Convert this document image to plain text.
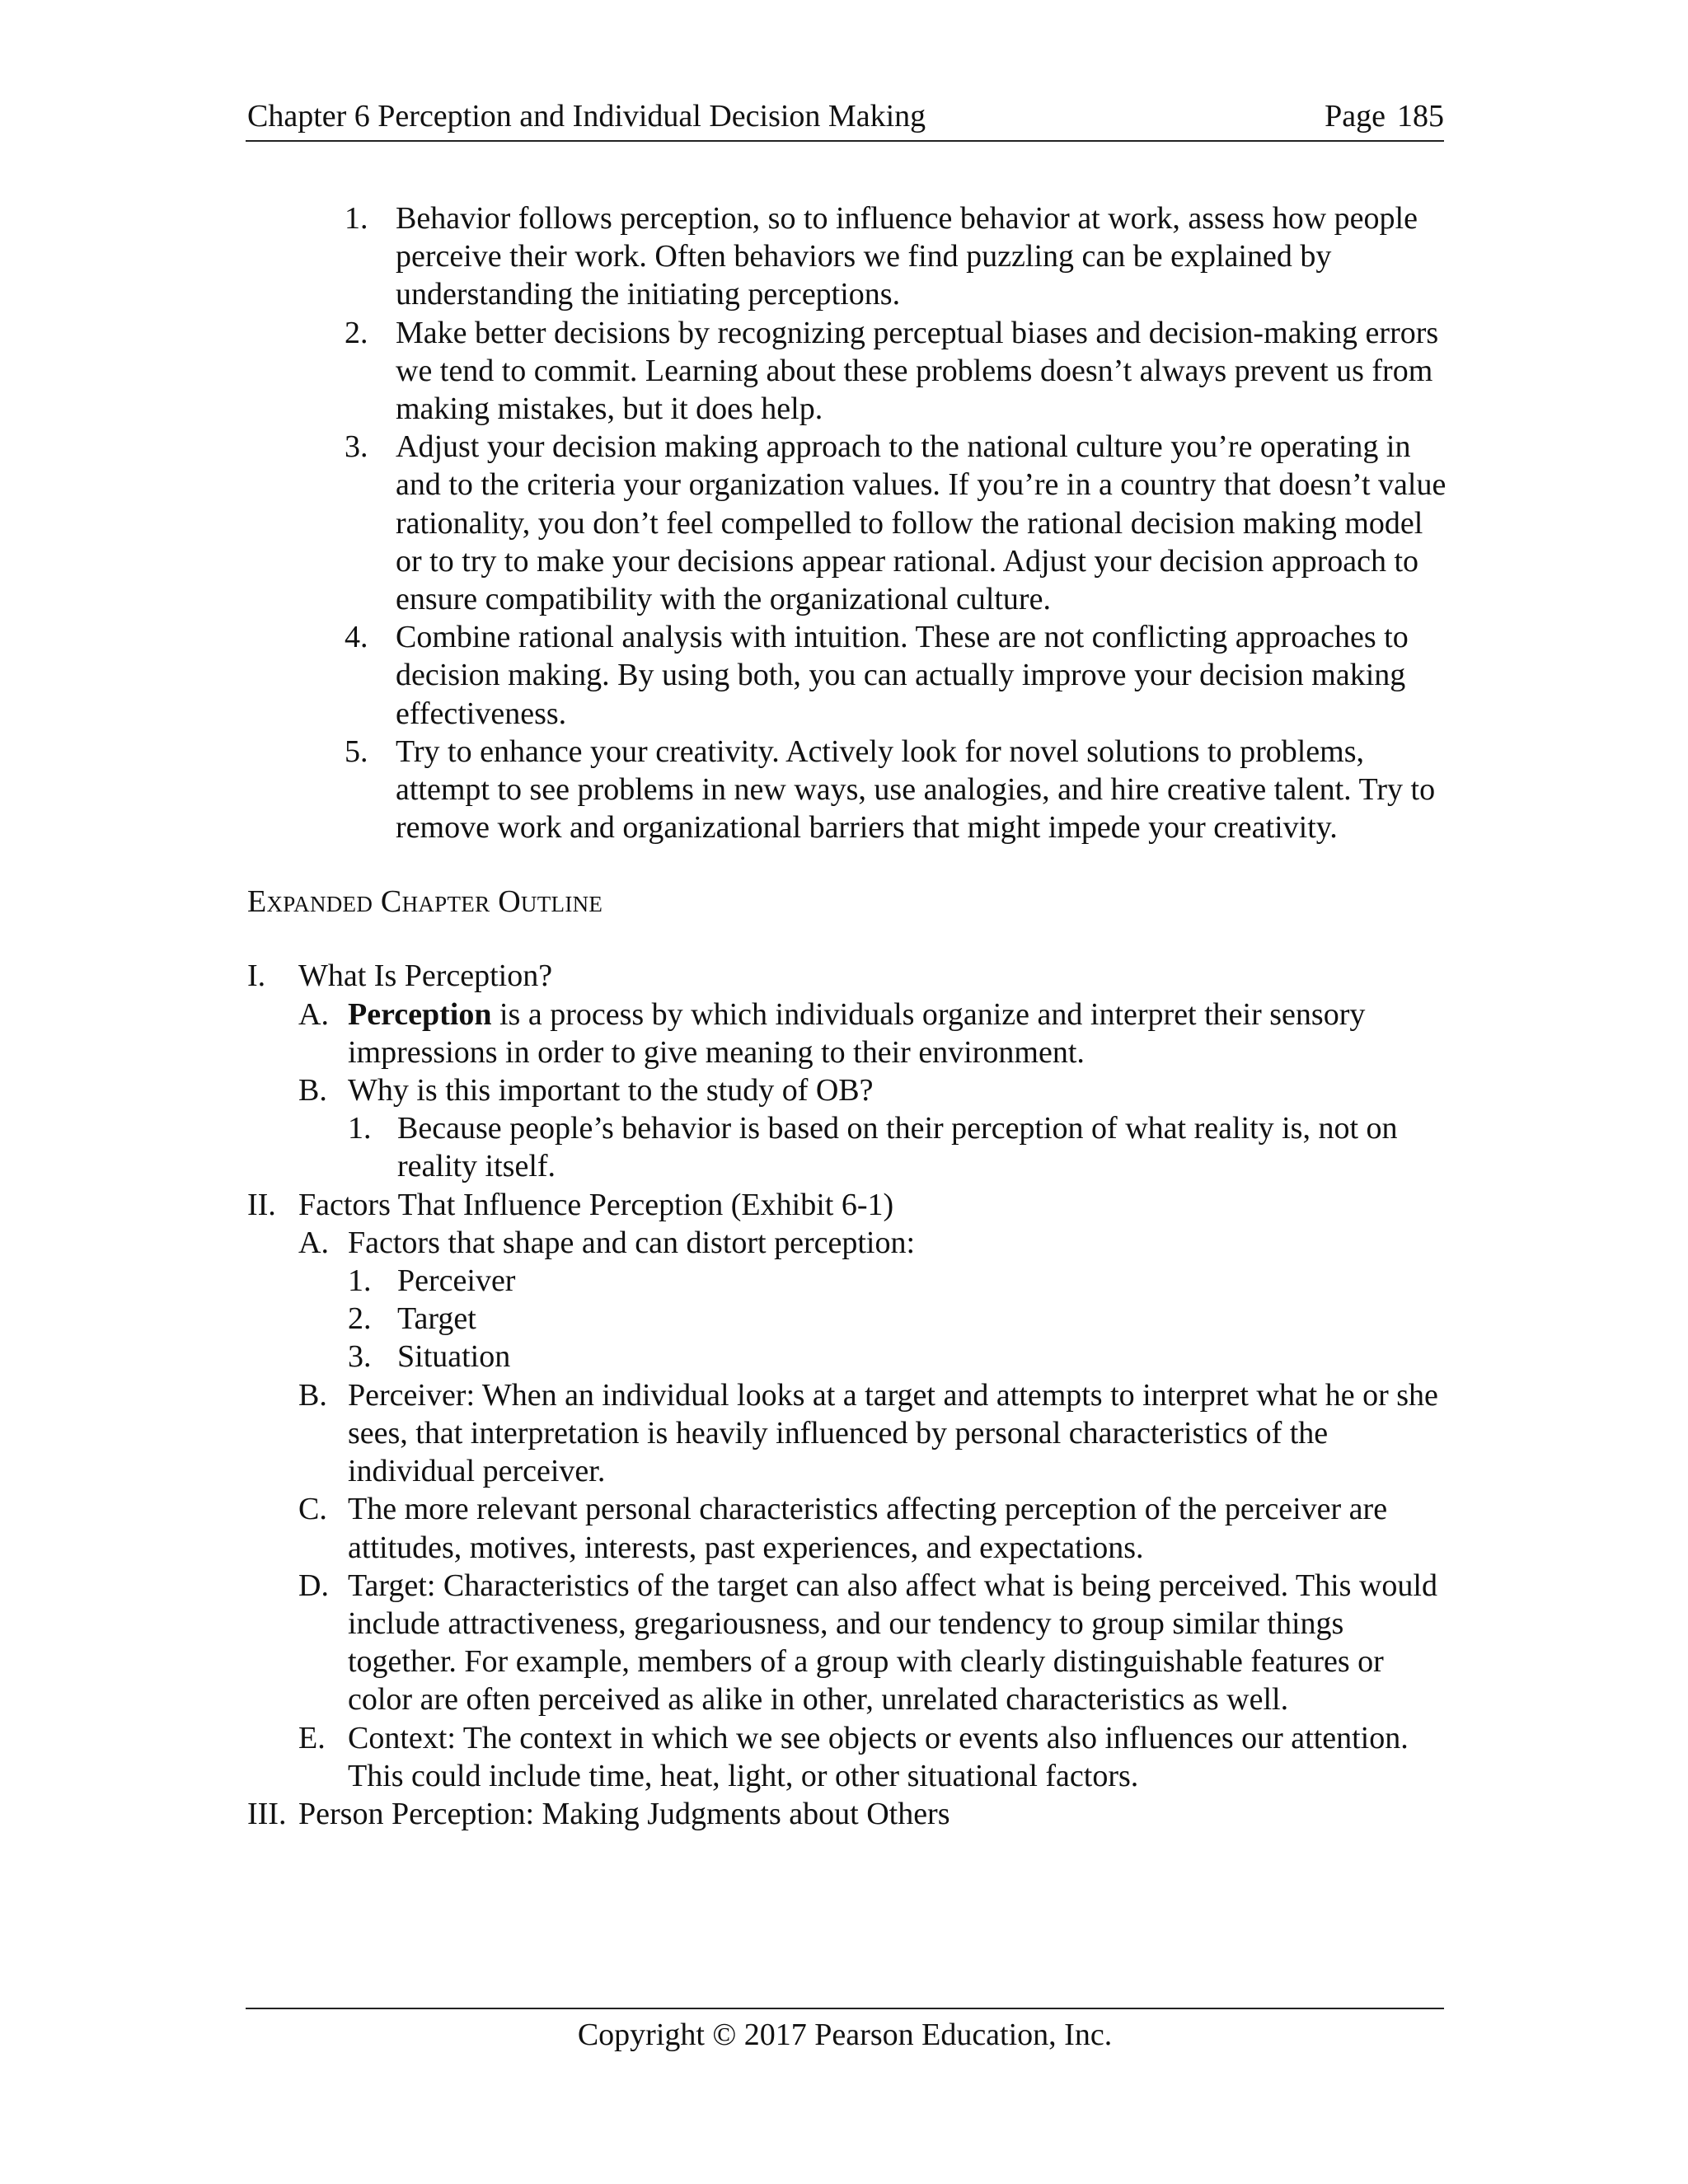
Chapter 6 Perception and Individual Decision Making	Page 185
1. Behavior follows perception, so to influence behavior at work, assess how people perceive their work. Often behaviors we find puzzling can be explained by understanding the initiating perceptions.
2. Make better decisions by recognizing perceptual biases and decision-making errors we tend to commit. Learning about these problems doesn’t always prevent us from making mistakes, but it does help.
3. Adjust your decision making approach to the national culture you’re operating in and to the criteria your organization values. If you’re in a country that doesn’t value rationality, you don’t feel compelled to follow the rational decision making model or to try to make your decisions appear rational. Adjust your decision approach to ensure compatibility with the organizational culture.
4. Combine rational analysis with intuition. These are not conflicting approaches to decision making. By using both, you can actually improve your decision making effectiveness.
5. Try to enhance your creativity. Actively look for novel solutions to problems, attempt to see problems in new ways, use analogies, and hire creative talent. Try to remove work and organizational barriers that might impede your creativity.
Expanded Chapter Outline
I. What Is Perception?
A. Perception is a process by which individuals organize and interpret their sensory impressions in order to give meaning to their environment.
B. Why is this important to the study of OB?
1. Because people’s behavior is based on their perception of what reality is, not on reality itself.
II. Factors That Influence Perception (Exhibit 6-1)
A. Factors that shape and can distort perception:
1. Perceiver
2. Target
3. Situation
B. Perceiver: When an individual looks at a target and attempts to interpret what he or she sees, that interpretation is heavily influenced by personal characteristics of the individual perceiver.
C. The more relevant personal characteristics affecting perception of the perceiver are attitudes, motives, interests, past experiences, and expectations.
D. Target: Characteristics of the target can also affect what is being perceived. This would include attractiveness, gregariousness, and our tendency to group similar things together. For example, members of a group with clearly distinguishable features or color are often perceived as alike in other, unrelated characteristics as well.
E. Context: The context in which we see objects or events also influences our attention. This could include time, heat, light, or other situational factors.
III. Person Perception: Making Judgments about Others
Copyright © 2017 Pearson Education, Inc.
